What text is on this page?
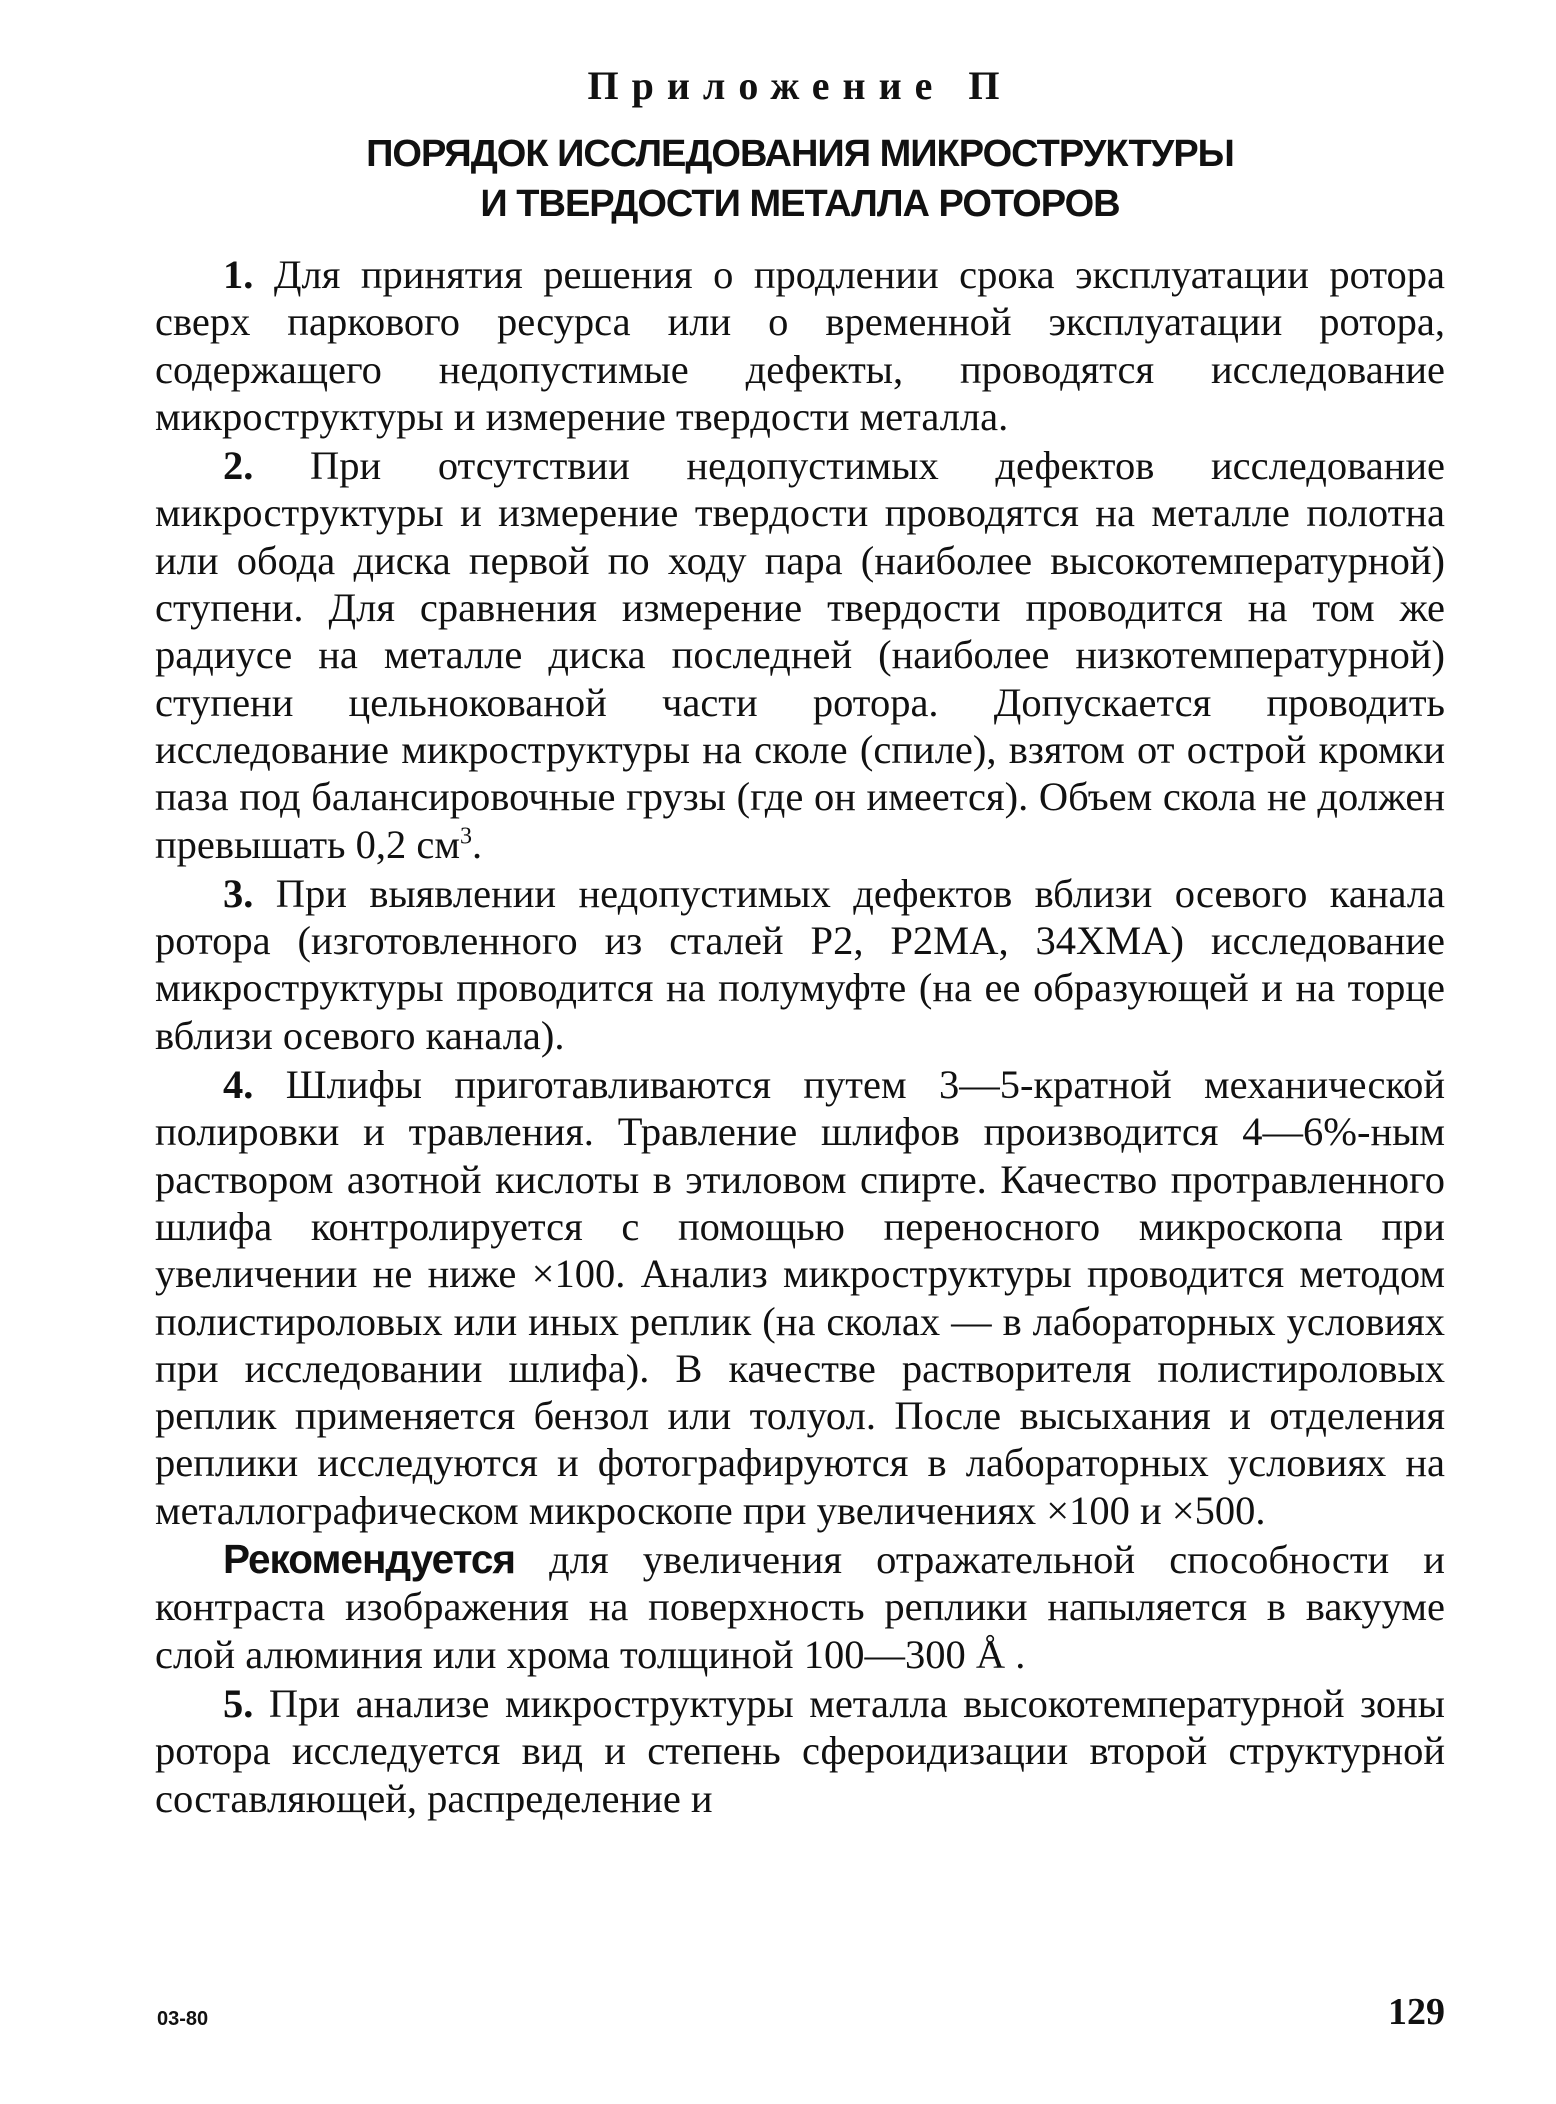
Приложение П
ПОРЯДОК ИССЛЕДОВАНИЯ МИКРОСТРУКТУРЫ
И ТВЕРДОСТИ МЕТАЛЛА РОТОРОВ

1. Для принятия решения о продлении срока эксплуатации ротора сверх паркового ресурса или о временной эксплуатации ротора, содержащего недопустимые дефекты, проводятся исследование микроструктуры и измерение твердости металла.

2. При отсутствии недопустимых дефектов исследование микроструктуры и измерение твердости проводятся на металле полотна или обода диска первой по ходу пара (наиболее высокотемпературной) ступени. Для сравнения измерение твердости проводится на том же радиусе на металле диска последней (наиболее низкотемпературной) ступени цельнокованой части ротора. Допускается проводить исследование микроструктуры на сколе (спиле), взятом от острой кромки паза под балансировочные грузы (где он имеется). Объем скола не должен превышать 0,2 $см^3$.

3. При выявлении недопустимых дефектов вблизи осевого канала ротора (изготовленного из сталей Р2, Р2МА, 34ХМА) исследование микроструктуры проводится на полумуфте (на ее образующей и на торце вблизи осевого канала).

4. Шлифы приготавливаются путем 3—5-кратной механической полировки и травления. Травление шлифов производится 4—6%-ным раствором азотной кислоты в этиловом спирте. Качество протравленного шлифа контролируется с помощью переносного микроскопа при увеличении не ниже ×100. Анализ микроструктуры проводится методом полистироловых или иных реплик (на сколах — в лабораторных условиях при исследовании шлифа). В качестве растворителя полистироловых реплик применяется бензол или толуол. После высыхания и отделения реплики исследуются и фотографируются в лабораторных условиях на металлографическом микроскопе при увеличениях ×100 и ×500.

Рекомендуется для увеличения отражательной способности и контраста изображения на поверхность реплики напыляется в вакууме слой алюминия или хрома толщиной 100—300 Å .

5. При анализе микроструктуры металла высокотемпературной зоны ротора исследуется вид и степень сфероидизации второй структурной составляющей, распределение и

03-80	129
